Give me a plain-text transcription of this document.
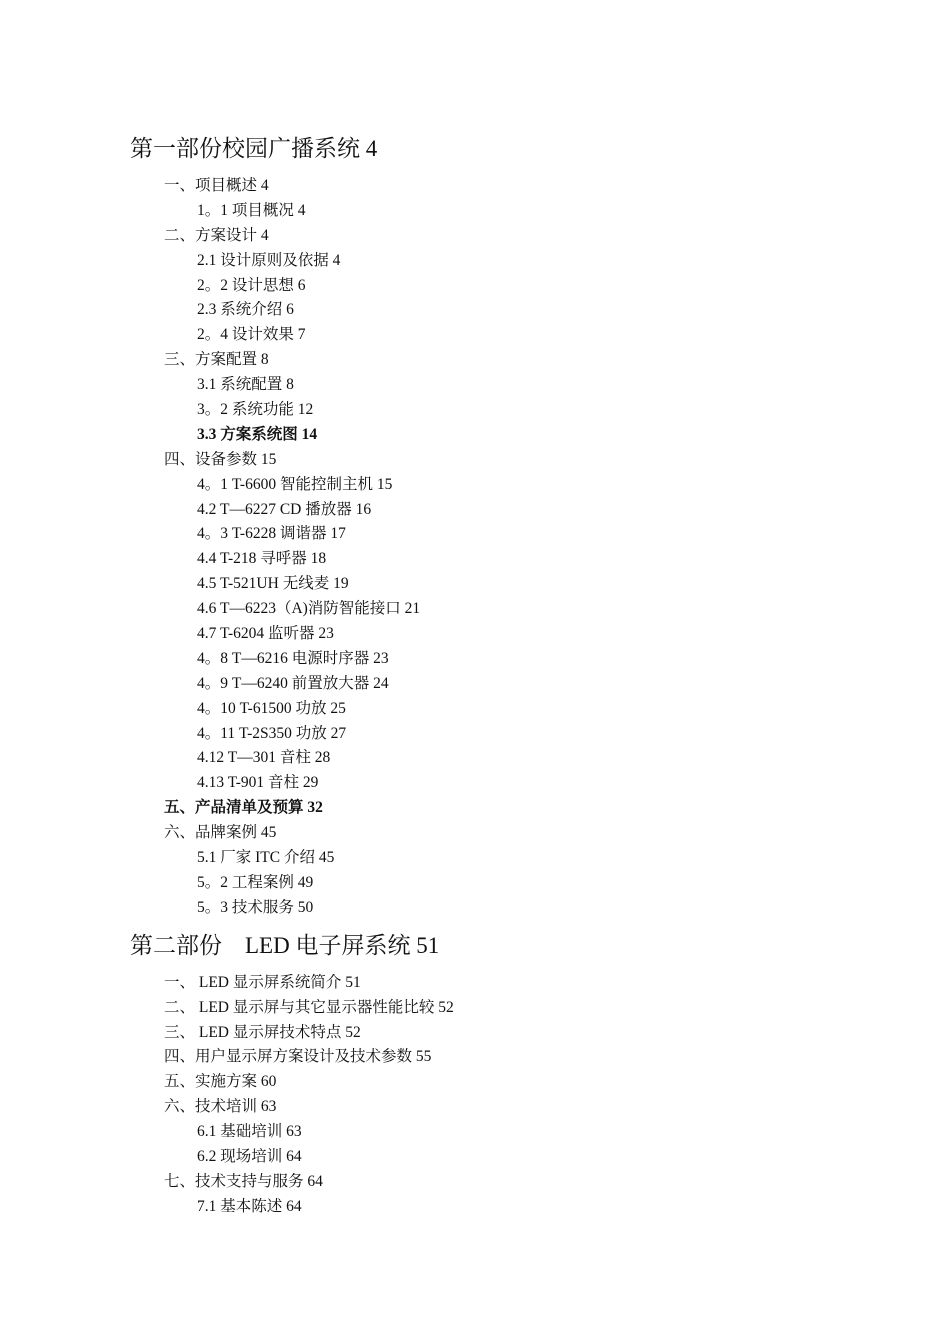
第一部份校园广播系统 4
一、项目概述 4
1。1 项目概况 4
二、方案设计 4
2.1 设计原则及依据 4
2。2 设计思想 6
2.3 系统介绍 6
2。4 设计效果 7
三、方案配置 8
3.1 系统配置 8
3。2 系统功能 12
3.3 方案系统图 14
四、设备参数 15
4。1 T-6600 智能控制主机 15
4.2 T—6227 CD 播放器 16
4。3 T-6228 调谐器 17
4.4 T-218 寻呼器 18
4.5 T-521UH 无线麦 19
4.6 T—6223（A)消防智能接口 21
4.7 T-6204 监听器 23
4。8 T—6216 电源时序器 23
4。9 T—6240 前置放大器 24
4。10 T-61500 功放 25
4。11 T-2S350 功放 27
4.12 T—301 音柱 28
4.13 T-901 音柱 29
五、产品清单及预算 32
六、品牌案例 45
5.1 厂家 ITC 介绍 45
5。2 工程案例 49
5。3 技术服务 50
第二部份　LED 电子屏系统 51
一、 LED 显示屏系统简介 51
二、 LED 显示屏与其它显示器性能比较 52
三、 LED 显示屏技术特点 52
四、用户显示屏方案设计及技术参数 55
五、实施方案 60
六、技术培训 63
6.1 基础培训 63
6.2 现场培训 64
七、技术支持与服务 64
7.1 基本陈述 64
